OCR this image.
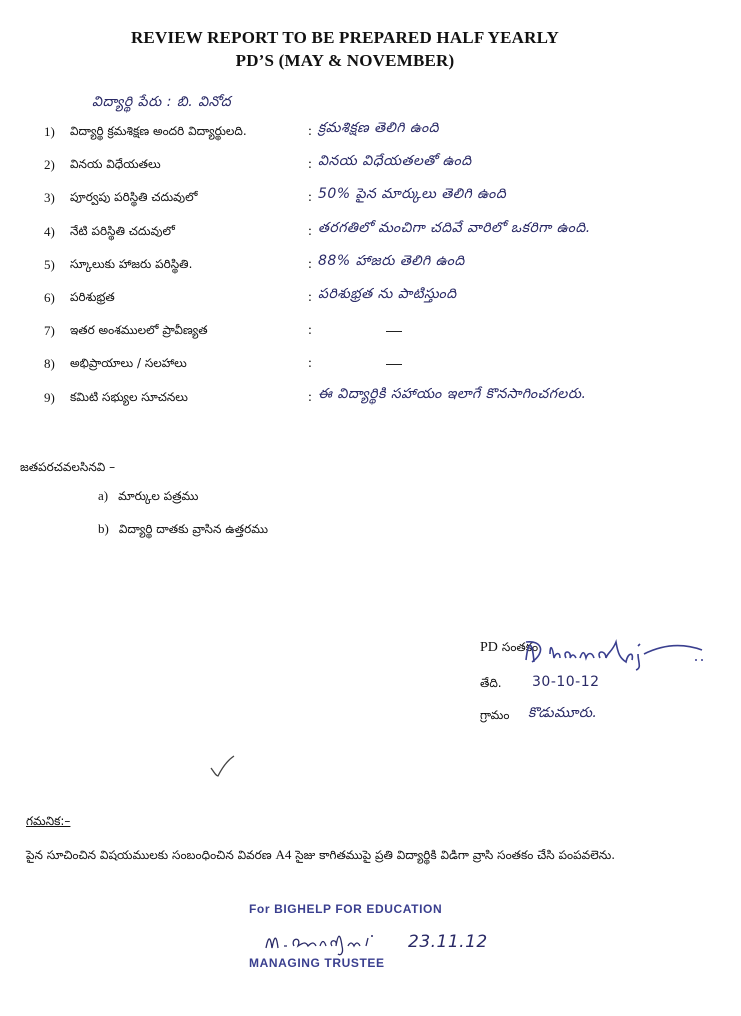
REVIEW REPORT TO BE PREPARED HALF YEARLY
PD’S (MAY & NOVEMBER)
విద్యార్థి పేరు : బి. వినోద
1) విద్యార్థి క్రమశిక్షణ అందరి విద్యార్థులది.	: క్రమశిక్షణ తెలిగి ఉంది
2) వినయ విధేయతలు	: వినయ విధేయతలతో ఉంది
3) పూర్వపు పరిస్థితి చదువులో	: 50% పైన మార్కులు తెలిగి ఉంది
4) నేటి పరిస్థితి చదువులో	: తరగతిలో మంచిగా చదివే వారిలో ఒకరిగా ఉంది.
5) స్కూలుకు హాజరు పరిస్థితి.	: 88% హాజరు తెలిగి ఉంది
6) పరిశుభ్రత	: పరిశుభ్రత ను పాటిస్తుంది
7) ఇతర అంశములలో ప్రావీణ్యత	:
8) అభిప్రాయాలు / సలహాలు	:
9) కమిటి సభ్యుల సూచనలు	: ఈ విద్యార్థికి సహాయం ఇలాగే కొనసాగించగలరు.
జతపరచవలసినవి –
a) మార్కుల పత్రము
b) విద్యార్థి దాతకు వ్రాసిన ఉత్తరము
PD సంతకం
తేది. 30-10-12
గ్రామం కొడుమూరు.
గమనిక:–
పైన సూచించిన విషయములకు సంబంధించిన వివరణ A4 సైజు కాగితముపై ప్రతి విద్యార్థికి విడిగా వ్రాసి సంతకం చేసి పంపవలెను.
For BIGHELP FOR EDUCATION
23.11.12
MANAGING TRUSTEE
